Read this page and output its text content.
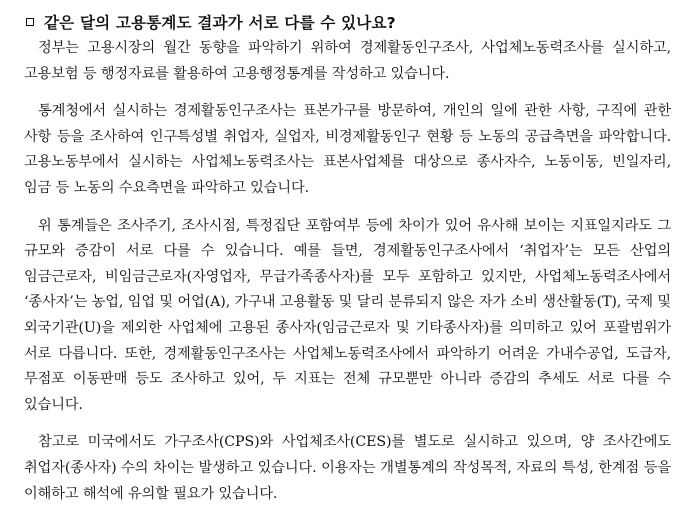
같은 달의 고용통계도 결과가 서로 다를 수 있나요?

정부는 고용시장의 월간 동향을 파악하기 위하여 경제활동인구조사, 사업체노동력조사를 실시하고, 고용보험 등 행정자료를 활용하여 고용행정통계를 작성하고 있습니다.

통계청에서 실시하는 경제활동인구조사는 표본가구를 방문하여, 개인의 일에 관한 사항, 구직에 관한 사항 등을 조사하여 인구특성별 취업자, 실업자, 비경제활동인구 현황 등 노동의 공급측면을 파악합니다. 고용노동부에서 실시하는 사업체노동력조사는 표본사업체를 대상으로 종사자수, 노동이동, 빈일자리, 임금 등 노동의 수요측면을 파악하고 있습니다.

위 통계들은 조사주기, 조사시점, 특정집단 포함여부 등에 차이가 있어 유사해 보이는 지표일지라도 그 규모와 증감이 서로 다를 수 있습니다. 예를 들면, 경제활동인구조사에서 ‘취업자’는 모든 산업의 임금근로자, 비임금근로자(자영업자, 무급가족종사자)를 모두 포함하고 있지만, 사업체노동력조사에서 ‘종사자’는 농업, 임업 및 어업(A), 가구내 고용활동 및 달리 분류되지 않은 자가 소비 생산활동(T), 국제 및 외국기관(U)을 제외한 사업체에 고용된 종사자(임금근로자 및 기타종사자)를 의미하고 있어 포괄범위가 서로 다릅니다. 또한, 경제활동인구조사는 사업체노동력조사에서 파악하기 어려운 가내수공업, 도급자, 무점포 이동판매 등도 조사하고 있어, 두 지표는 전체 규모뿐만 아니라 증감의 추세도 서로 다를 수 있습니다.

참고로 미국에서도 가구조사(CPS)와 사업체조사(CES)를 별도로 실시하고 있으며, 양 조사간에도 취업자(종사자) 수의 차이는 발생하고 있습니다. 이용자는 개별통계의 작성목적, 자료의 특성, 한계점 등을 이해하고 해석에 유의할 필요가 있습니다.
